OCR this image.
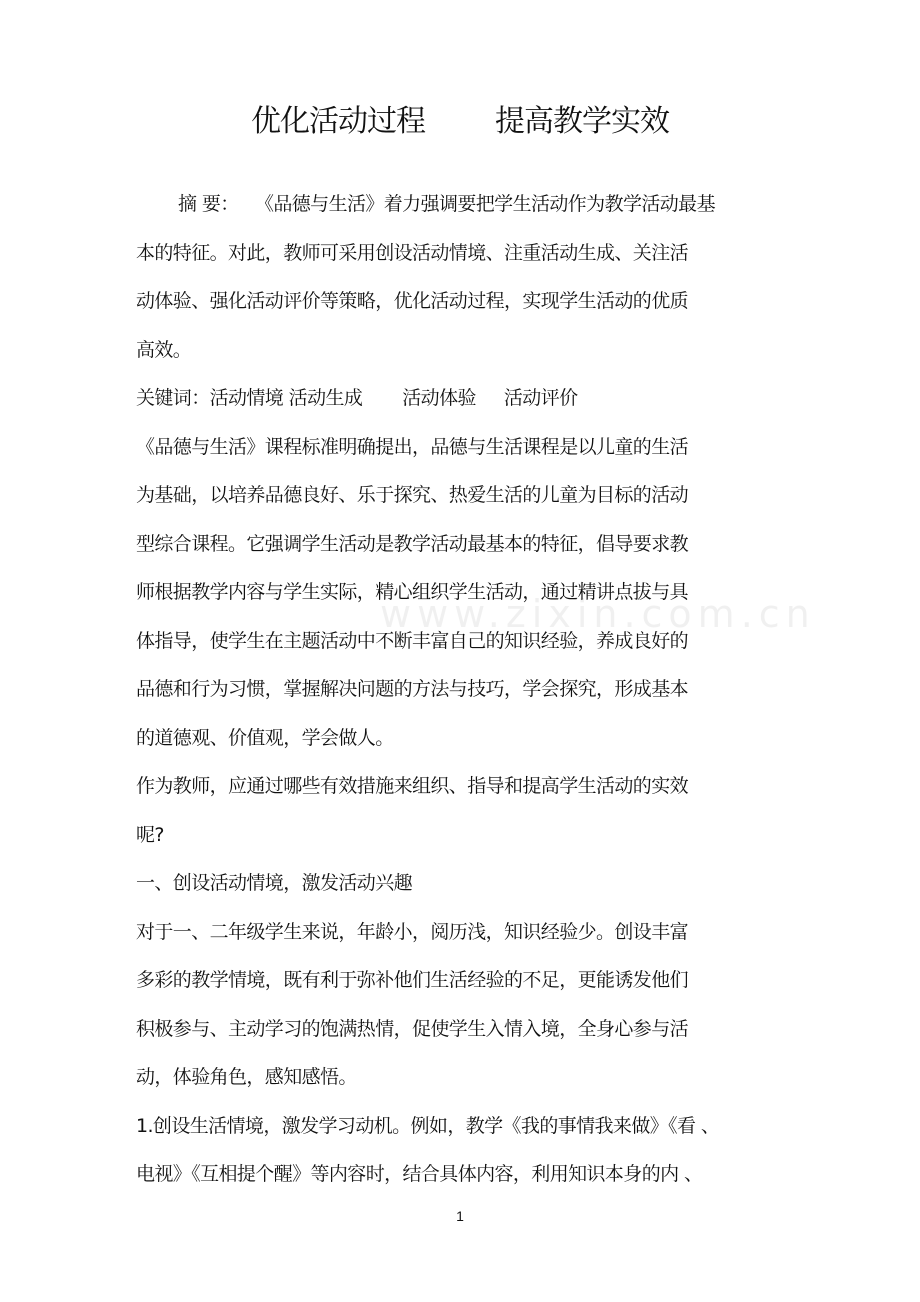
优化活动过程 提高教学实效
www.zixin.com.cn
摘 要： 《品德与生活》着力强调要把学生活动作为教学活动最基
本的特征。对此，教师可采用创设活动情境、注重活动生成、关注活
动体验、强化活动评价等策略，优化活动过程，实现学生活动的优质
高效。
关键词：活动情境 活动生成 活动体验 活动评价
《品德与生活》课程标准明确提出，品德与生活课程是以儿童的生活
为基础，以培养品德良好、乐于探究、热爱生活的儿童为目标的活动
型综合课程。它强调学生活动是教学活动最基本的特征，倡导要求教
师根据教学内容与学生实际，精心组织学生活动，通过精讲点拔与具
体指导，使学生在主题活动中不断丰富自己的知识经验，养成良好的
品德和行为习惯，掌握解决问题的方法与技巧，学会探究，形成基本
的道德观、价值观，学会做人。
作为教师，应通过哪些有效措施来组织、指导和提高学生活动的实效
呢?
一、创设活动情境，激发活动兴趣
对于一、二年级学生来说，年龄小，阅历浅，知识经验少。创设丰富
多彩的教学情境，既有利于弥补他们生活经验的不足，更能诱发他们
积极参与、主动学习的饱满热情，促使学生入情入境，全身心参与活
动，体验角色，感知感悟。
1.创设生活情境，激发学习动机。例如，教学《我的事情我来做》《看 、
电视》《互相提个醒》等内容时，结合具体内容，利用知识本身的内 、
1
